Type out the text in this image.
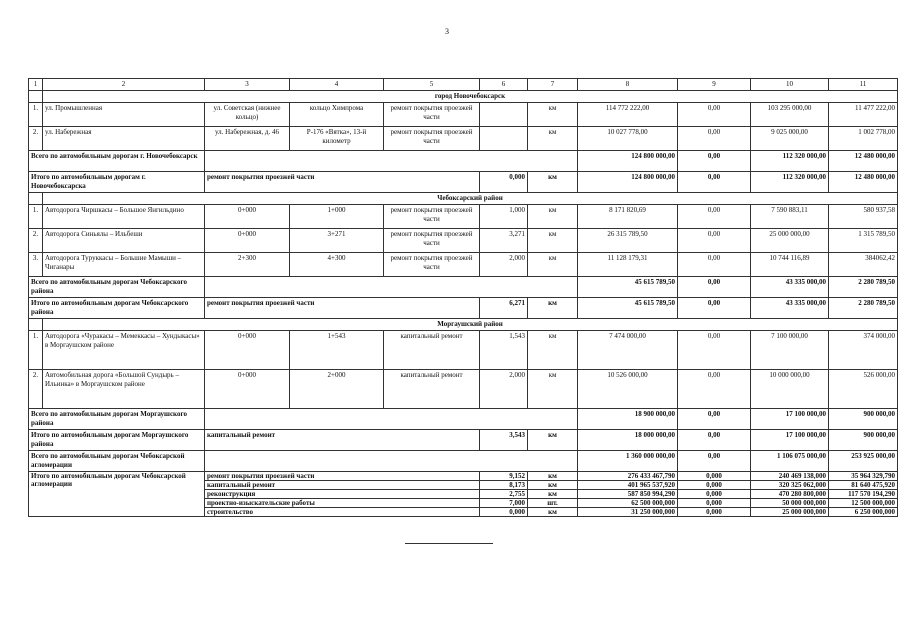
3
1	2	3	4	5	6	7	8	9	10	11
	город Новочебоксарск									
1.	ул. Промышленная	ул. Советская (нижнее кольцо)	кольцо Химпрома	ремонт покрытия проезжей части		км	114 772 222,00	0,00	103 295 000,00	11 477 222,00
2.	ул. Набережная	ул. Набережная, д. 46	Р-176 «Вятка», 13-й километр	ремонт покрытия проезжей части		км	10 027 778,00	0,00	9 025 000,00	1 002 778,00
Всего по автомобильным дорогам г. Новочебоксарск							124 800 000,00	0,00	112 320 000,00	12 480 000,00
Итого по автомобильным дорогам г. Новочебоксарска		ремонт покрытия проезжей части			0,000	км	124 800 000,00	0,00	112 320 000,00	12 480 000,00
	Чебоксарский район									
1.	Автодорога Чиршкасы – Большое Янгильдино	0+000	1+000	ремонт покрытия проезжей части	1,000	км	8 171 820,69	0,00	7 590 883,11	580 937,58
2.	Автодорога Синьялы – Ильбеши	0+000	3+271	ремонт покрытия проезжей части	3,271	км	26 315 789,50	0,00	25 000 000,00	1 315 789,50
3.	Автодорога Туруккасы – Большие Мамыши – Чиганары	2+300	4+300	ремонт покрытия проезжей части	2,000	км	11 128 179,31	0,00	10 744 116,89	384062,42
Всего по автомобильным дорогам Чебоксарского района							45 615 789,50	0,00	43 335 000,00	2 280 789,50
Итого по автомобильным дорогам Чебоксарского района		ремонт покрытия проезжей части			6,271	км	45 615 789,50	0,00	43 335 000,00	2 280 789,50
	Моргаушский район									
1.	Автодорога «Чуракасы – Мемеккасы – Хундыкасы» в Моргаушском районе	0+000	1+543	капитальный ремонт	1,543	км	7 474 000,00	0,00	7 100 000,00	374 000,00
2.	Автомобильная дорога «Большой Сундырь – Ильинка» в Моргаушском районе	0+000	2+000	капитальный ремонт	2,000	км	10 526 000,00	0,00	10 000 000,00	526 000,00
Всего по автомобильным дорогам Моргаушского района							18 900 000,00	0,00	17 100 000,00	900 000,00
Итого по автомобильным дорогам Моргаушского района		капитальный ремонт			3,543	км	18 000 000,00	0,00	17 100 000,00	900 000,00
Всего по автомобильным дорогам Чебоксарской агломерации							1 360 000 000,00	0,00	1 106 075 000,00	253 925 000,00
Итого по автомобильным дорогам Чебоксарской агломерации		ремонт покрытия проезжей части			9,152	км	276 433 467,790	0,000	240 469 138,000	35 964 329,790
		капитальный ремонт			8,173	км	401 965 537,920	0,000	320 325 062,000	81 640 475,920
		реконструкция			2,755	км	587 850 994,290	0,000	470 280 800,000	117 570 194,290
		проектно-изыскательские работы			7,000	шт.	62 500 000,000	0,000	50 000 000,000	12 500 000,000
		строительство			0,000	км	31 250 000,000	0,000	25 000 000,000	6 250 000,000
